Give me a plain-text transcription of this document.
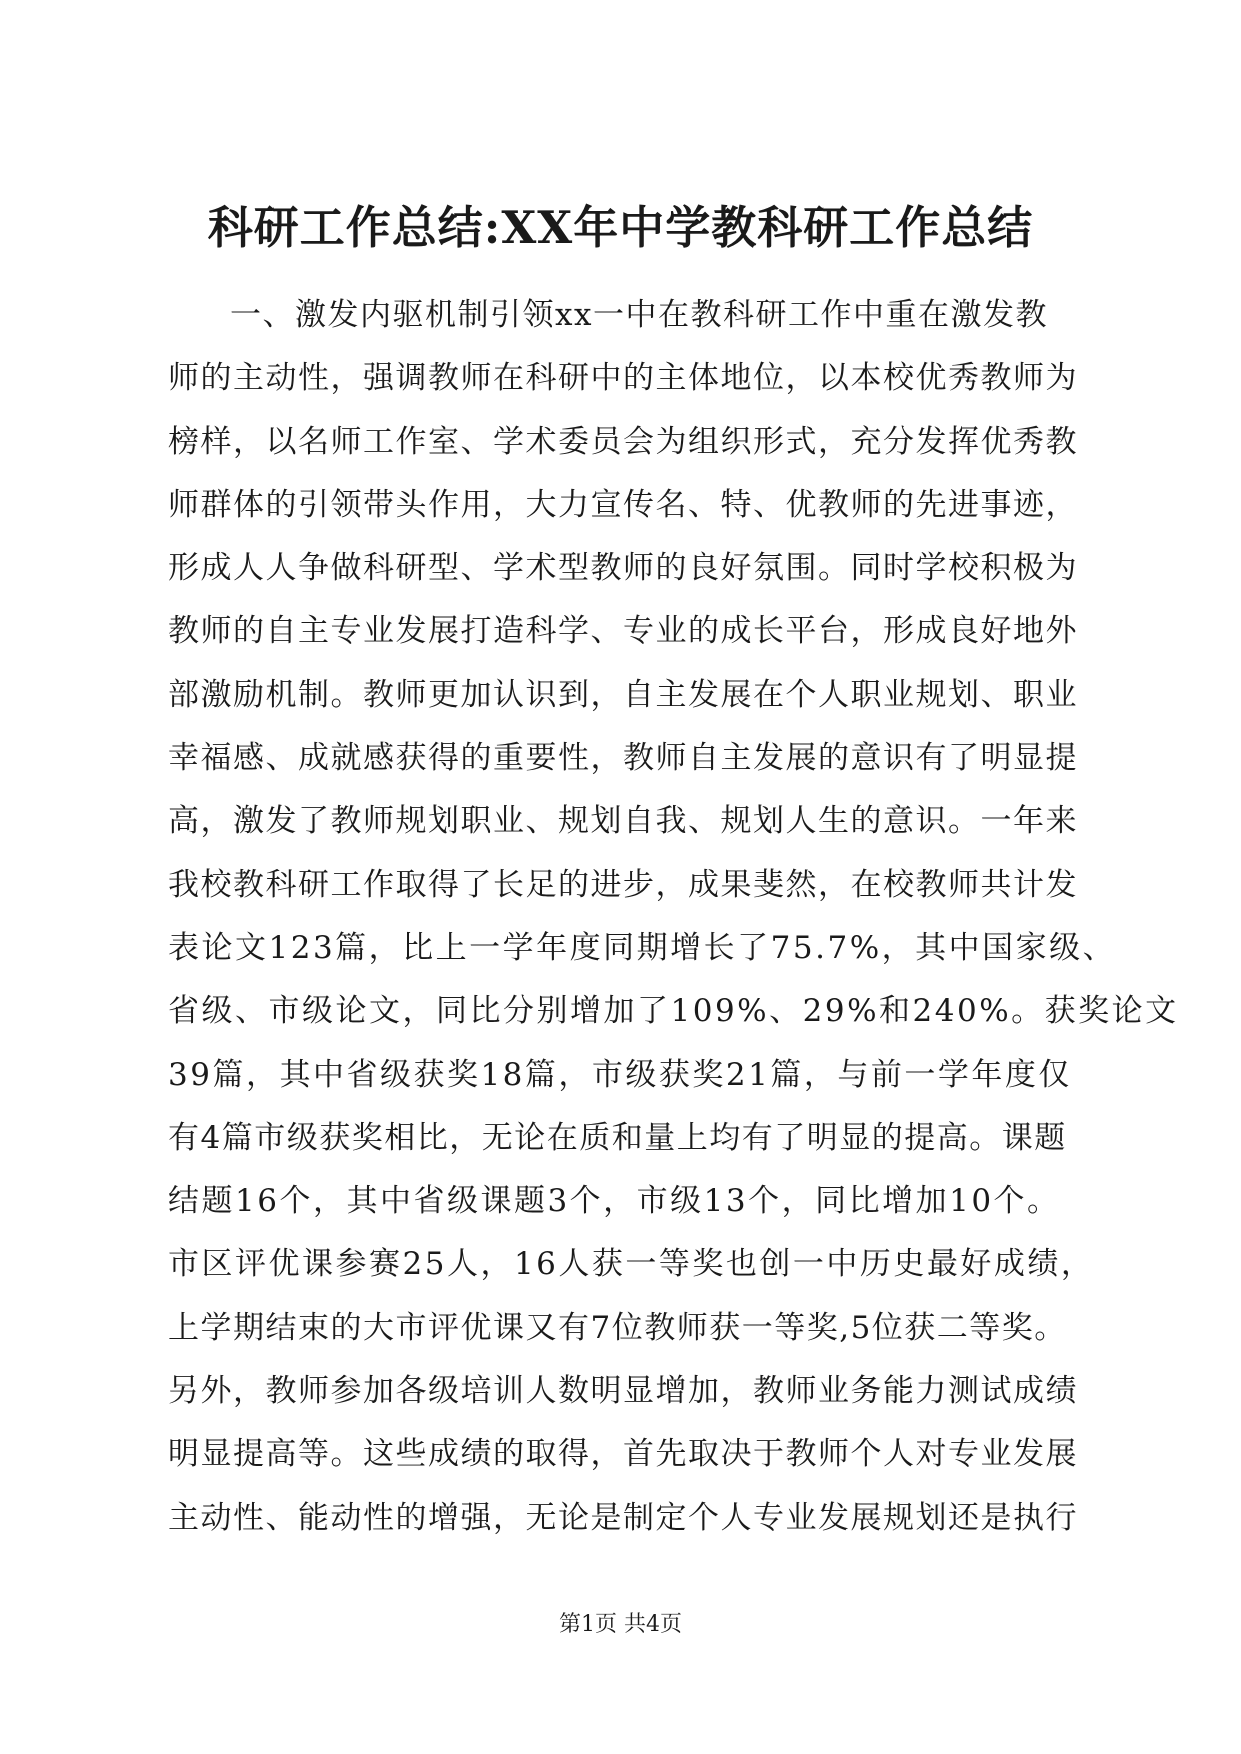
科研工作总结:XX年中学教科研工作总结
一、激发内驱机制引领xx一中在教科研工作中重在激发教
师的主动性，强调教师在科研中的主体地位，以本校优秀教师为
榜样，以名师工作室、学术委员会为组织形式，充分发挥优秀教
师群体的引领带头作用，大力宣传名、特、优教师的先进事迹，
形成人人争做科研型、学术型教师的良好氛围。同时学校积极为
教师的自主专业发展打造科学、专业的成长平台，形成良好地外
部激励机制。教师更加认识到，自主发展在个人职业规划、职业
幸福感、成就感获得的重要性，教师自主发展的意识有了明显提
高，激发了教师规划职业、规划自我、规划人生的意识。一年来
我校教科研工作取得了长足的进步，成果斐然，在校教师共计发
表论文123篇，比上一学年度同期增长了75.7%，其中国家级、
省级、市级论文，同比分别增加了109%、29%和240%。获奖论文
39篇，其中省级获奖18篇，市级获奖21篇，与前一学年度仅
有4篇市级获奖相比，无论在质和量上均有了明显的提高。课题
结题16个，其中省级课题3个，市级13个，同比增加10个。
市区评优课参赛25人，16人获一等奖也创一中历史最好成绩，
上学期结束的大市评优课又有7位教师获一等奖,5位获二等奖。
另外，教师参加各级培训人数明显增加，教师业务能力测试成绩
明显提高等。这些成绩的取得，首先取决于教师个人对专业发展
主动性、能动性的增强，无论是制定个人专业发展规划还是执行
第1页 共4页
